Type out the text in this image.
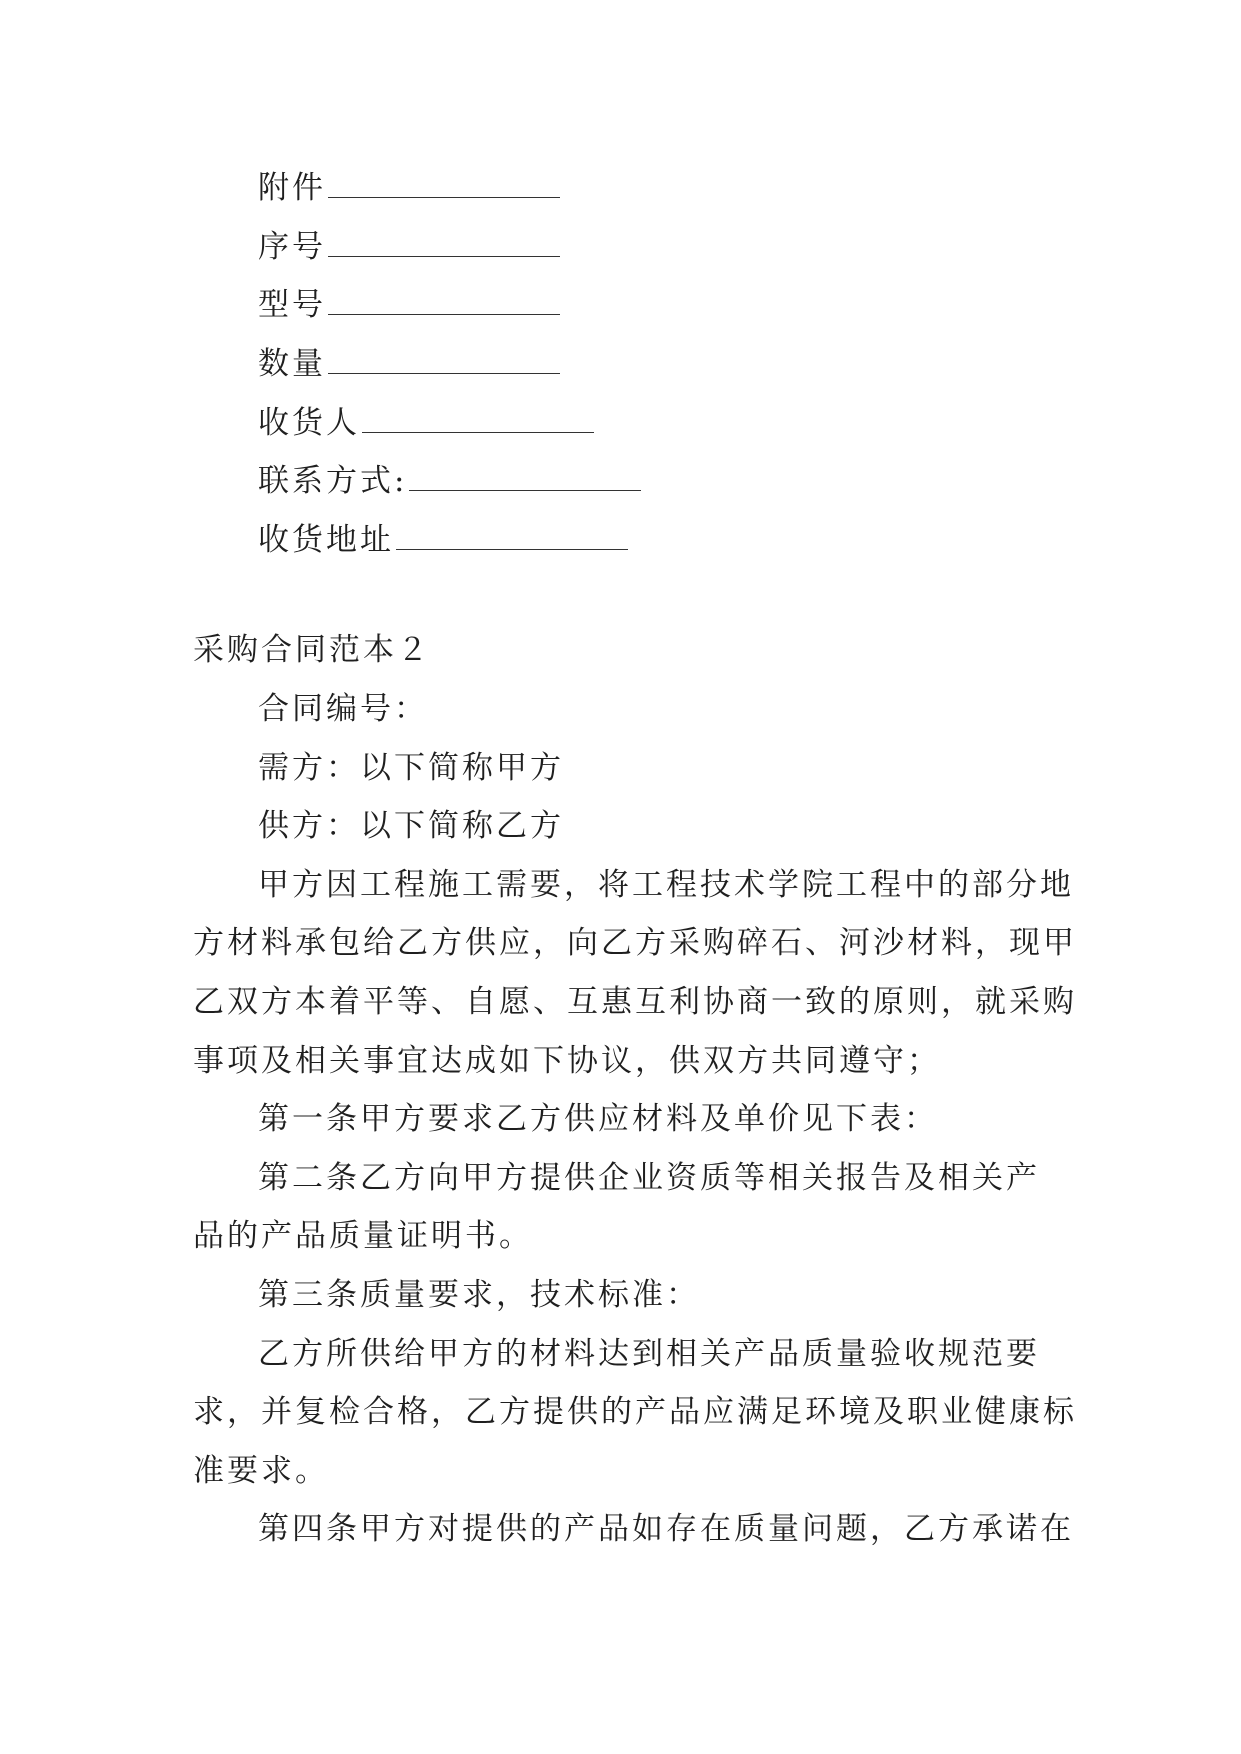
附件
序号
型号
数量
收货人
联系方式:
收货地址
采购合同范本２
合同编号：
需方：以下简称甲方
供方：以下简称乙方
甲方因工程施工需要，将工程技术学院工程中的部分地
方材料承包给乙方供应，向乙方采购碎石、河沙材料，现甲
乙双方本着平等、自愿、互惠互利协商一致的原则，就采购
事项及相关事宜达成如下协议，供双方共同遵守；
第一条甲方要求乙方供应材料及单价见下表：
第二条乙方向甲方提供企业资质等相关报告及相关产
品的产品质量证明书。
第三条质量要求，技术标准：
乙方所供给甲方的材料达到相关产品质量验收规范要
求，并复检合格，乙方提供的产品应满足环境及职业健康标
准要求。
第四条甲方对提供的产品如存在质量问题，乙方承诺在
